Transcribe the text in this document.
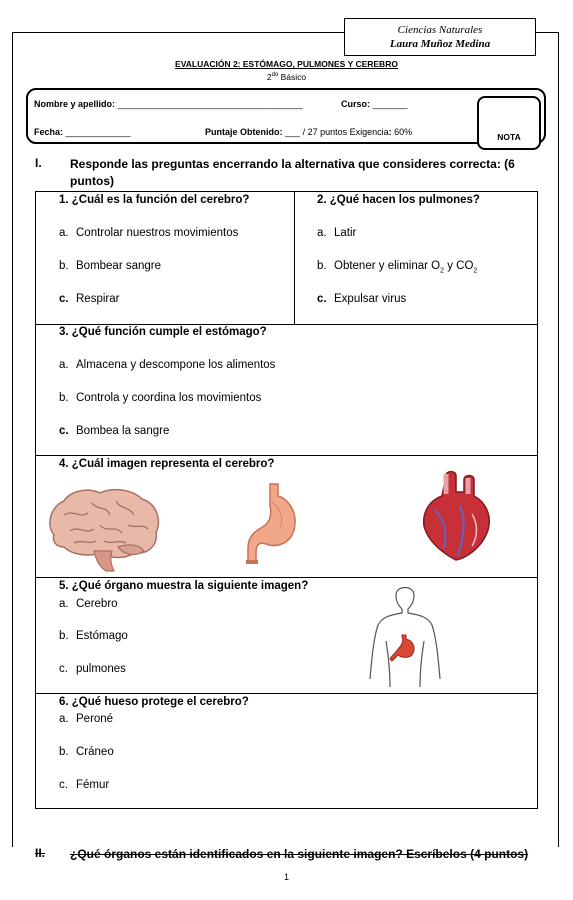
Ciencias Naturales
Laura Muñoz Medina
EVALUACIÓN 2: ESTÓMAGO, PULMONES Y CEREBRO
$2^{do}$ Básico
Nombre y apellido: _____________________________________	Curso: _______
Fecha: _____________	Puntaje Obtenido: ___ / 27 puntos Exigencia: 60%	NOTA
I. Responde las preguntas encerrando la alternativa que consideres correcta: (6 puntos)
1. ¿Cuál es la función del cerebro?
a. Controlar nuestros movimientos
b. Bombear sangre
c. Respirar
2. ¿Qué hacen los pulmones?
a. Latir
b. Obtener y eliminar $O_2$ y $CO_2$
c. Expulsar virus
3. ¿Qué función cumple el estómago?
a. Almacena y descompone los alimentos
b. Controla y coordina los movimientos
c. Bombea la sangre
4. ¿Cuál imagen representa el cerebro?
5. ¿Qué órgano muestra la siguiente imagen?
a. Cerebro
b. Estómago
c. pulmones
6. ¿Qué hueso protege el cerebro?
a. Peroné
b. Cráneo
c. Fémur
II. ¿Qué órganos están identificados en la siguiente imagen? Escríbelos (4 puntos)
1
